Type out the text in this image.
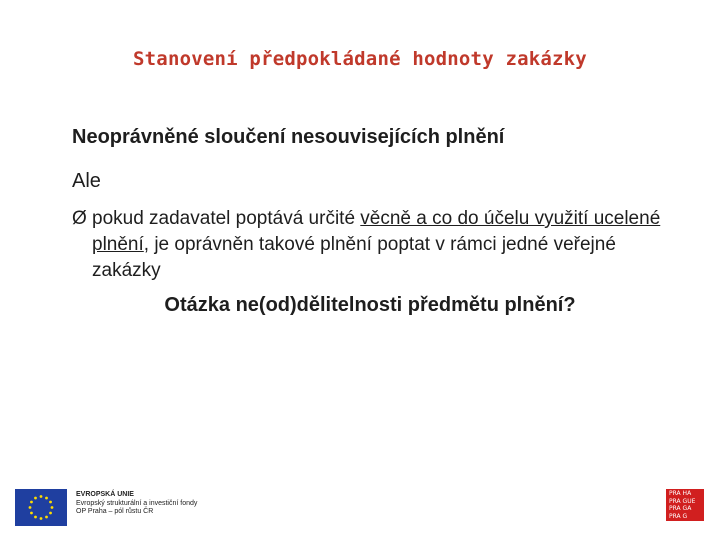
Stanovení předpokládané hodnoty zakázky
Neoprávněné sloučení nesouvisejících plnění
Ale
Ø pokud zadavatel poptává určité věcně a co do účelu využití ucelené plnění, je oprávněn takové plnění poptat v rámci jedné veřejné zakázky
Otázka ne(od)dělitelnosti předmětu plnění?
EVROPSKÁ UNIE
Evropský strukturální a investiční fondy
OP Praha – pól růstu ČR
PRA HA
PRA GUE
PRA GA
PRA G
